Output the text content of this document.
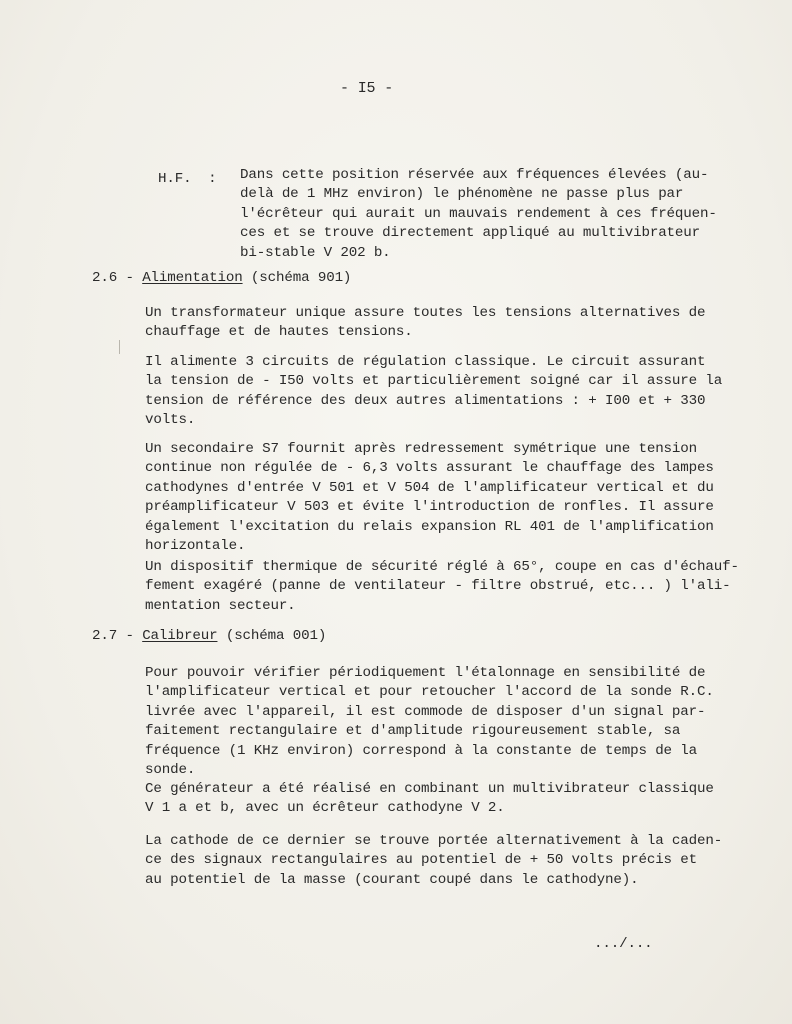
- I5 -
H.F.  : Dans cette position réservée aux fréquences élevées (au-
delà de 1 MHz environ) le phénomène ne passe plus par
l'écrêteur qui aurait un mauvais rendement à ces fréquen-
ces et se trouve directement appliqué au multivibrateur
bi-stable V 202 b.
2.6 - Alimentation (schéma 901)
Un transformateur unique assure toutes les tensions alternatives de
chauffage et de hautes tensions.
Il alimente 3 circuits de régulation classique. Le circuit assurant
la tension de - I50 volts et particulièrement soigné car il assure la
tension de référence des deux autres alimentations : + I00 et + 330
volts.
Un secondaire S7 fournit après redressement symétrique une tension
continue non régulée de - 6,3 volts assurant le chauffage des lampes
cathodynes d'entrée V 501 et V 504 de l'amplificateur vertical et du
préamplificateur V 503 et évite l'introduction de ronfles. Il assure
également l'excitation du relais expansion RL 401 de l'amplification
horizontale.
Un dispositif thermique de sécurité réglé à 65°, coupe en cas d'échauf-
fement exagéré (panne de ventilateur - filtre obstrué, etc... ) l'ali-
mentation secteur.
2.7 - Calibreur (schéma 001)
Pour pouvoir vérifier périodiquement l'étalonnage en sensibilité de
l'amplificateur vertical et pour retoucher l'accord de la sonde R.C.
livrée avec l'appareil, il est commode de disposer d'un signal par-
faitement rectangulaire et d'amplitude rigoureusement stable, sa
fréquence (1 KHz environ) correspond à la constante de temps de la
sonde.
Ce générateur a été réalisé en combinant un multivibrateur classique
V 1 a et b, avec un écrêteur cathodyne V 2.
La cathode de ce dernier se trouve portée alternativement à la caden-
ce des signaux rectangulaires au potentiel de + 50 volts précis et
au potentiel de la masse (courant coupé dans le cathodyne).
.../...
